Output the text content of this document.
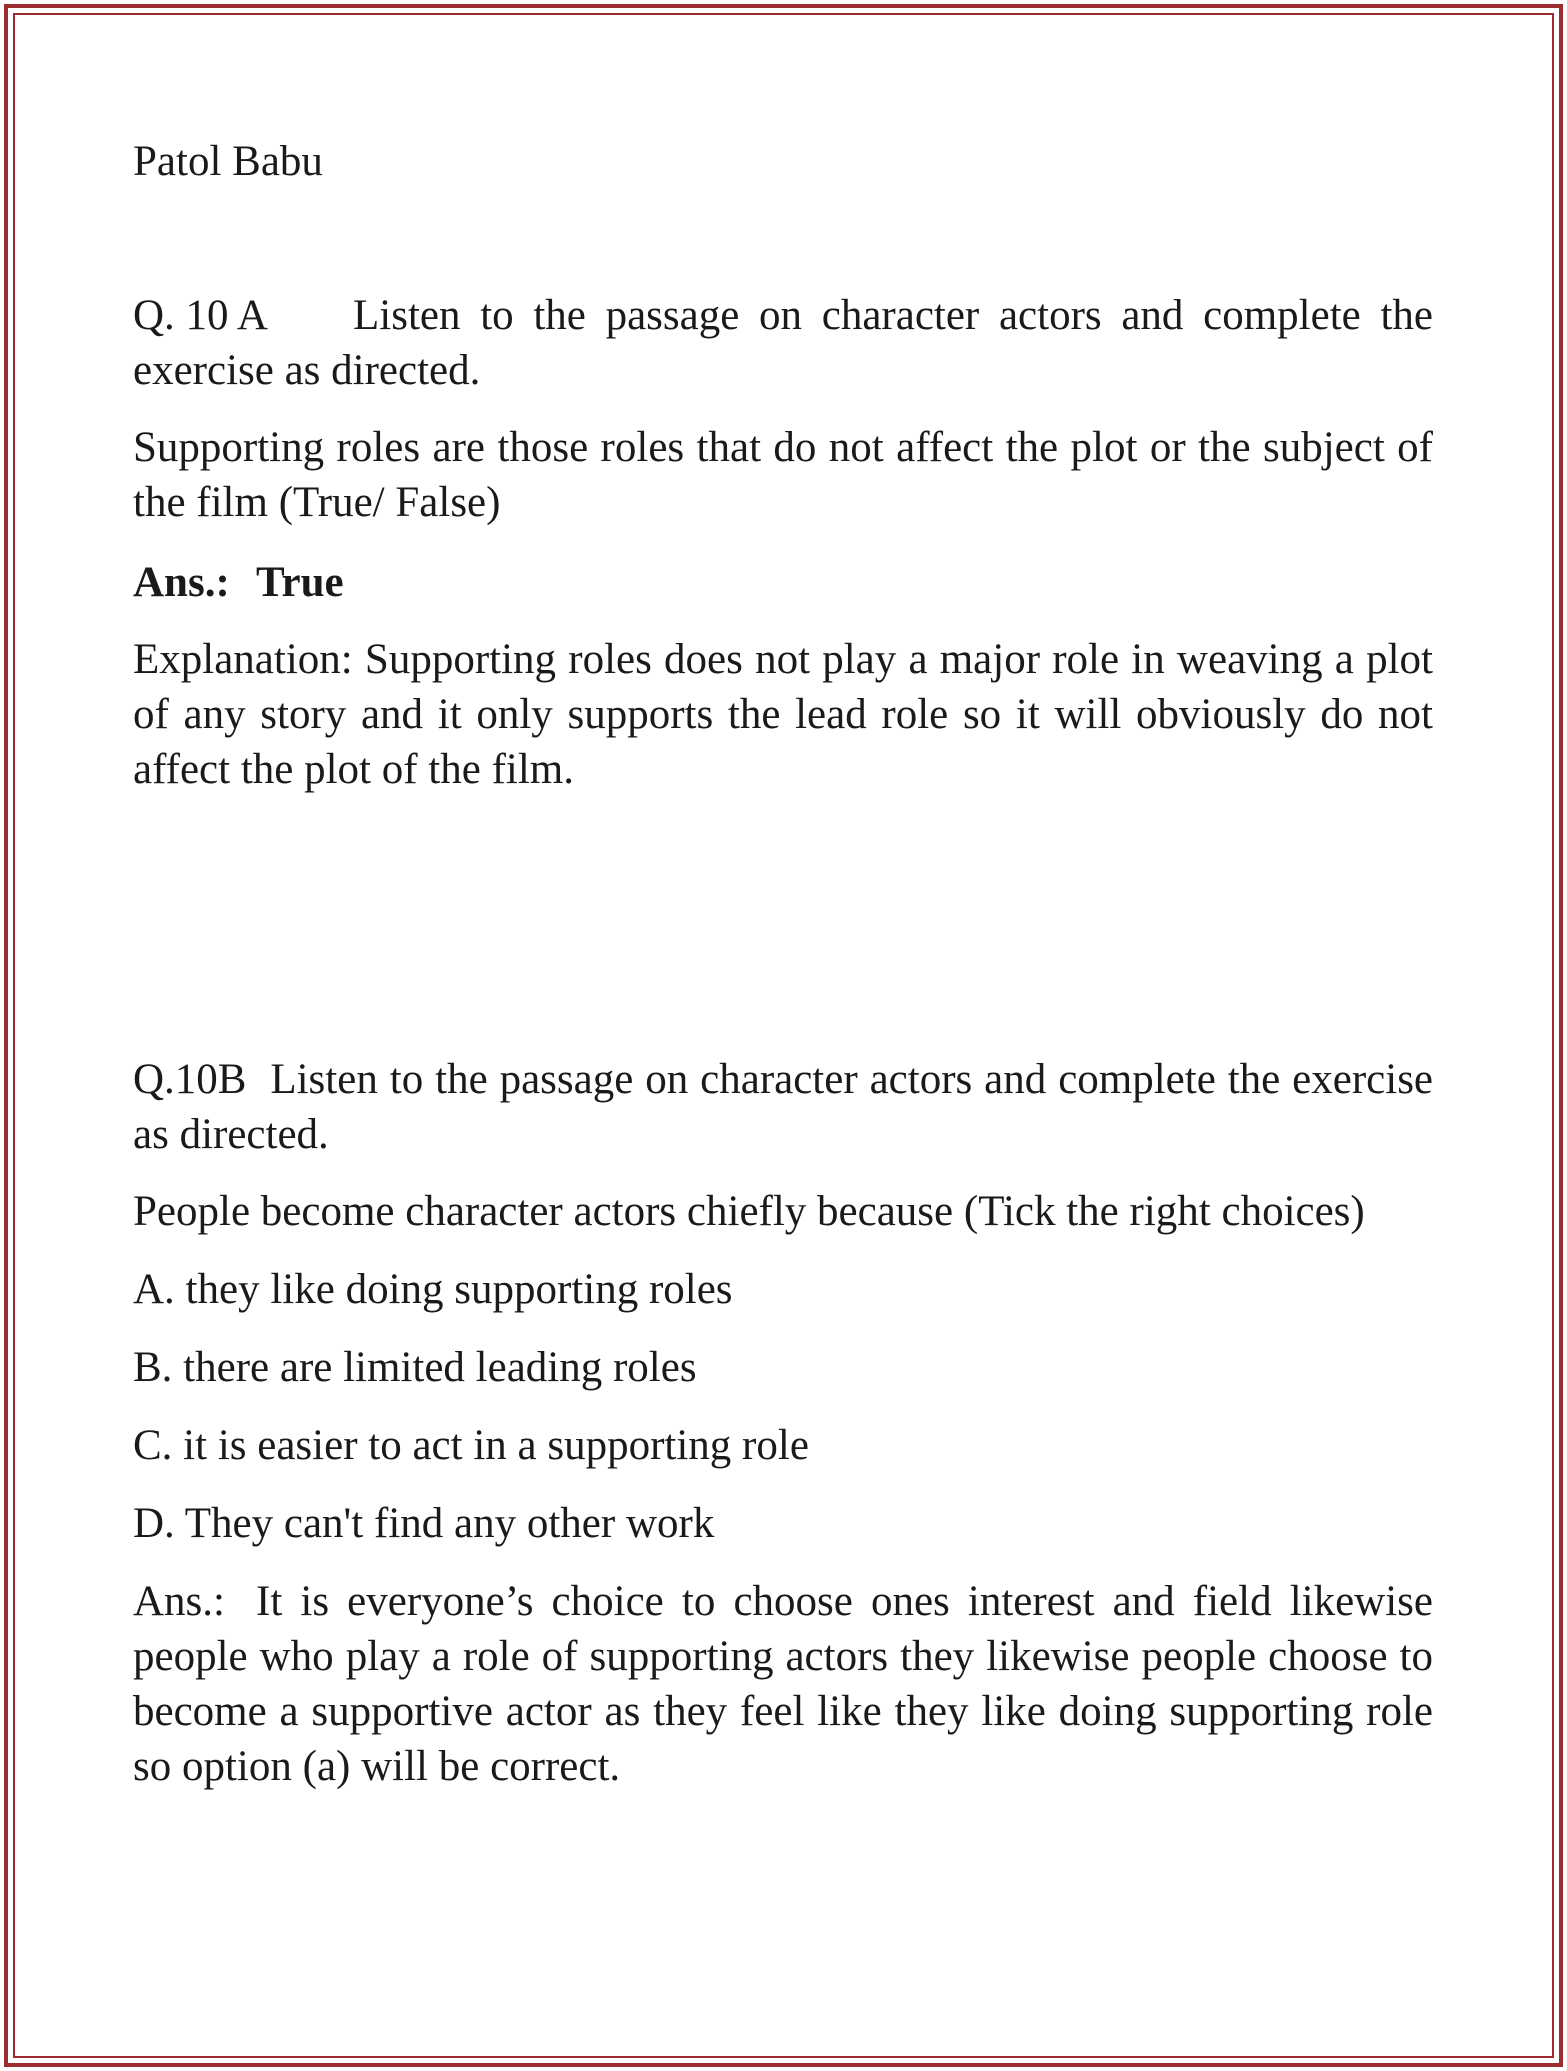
Patol Babu

Q. 10 A Listen to the passage on character actors and complete the exercise as directed.

Supporting roles are those roles that do not affect the plot or the subject of the film (True/ False)

Ans.: True

Explanation: Supporting roles does not play a major role in weaving a plot of any story and it only supports the lead role so it will obviously do not affect the plot of the film.

Q.10B Listen to the passage on character actors and complete the exercise as directed.

People become character actors chiefly because (Tick the right choices)

A. they like doing supporting roles

B. there are limited leading roles

C. it is easier to act in a supporting role

D. They can't find any other work

Ans.: It is everyone’s choice to choose ones interest and field likewise people who play a role of supporting actors they likewise people choose to become a supportive actor as they feel like they like doing supporting role so option (a) will be correct.
